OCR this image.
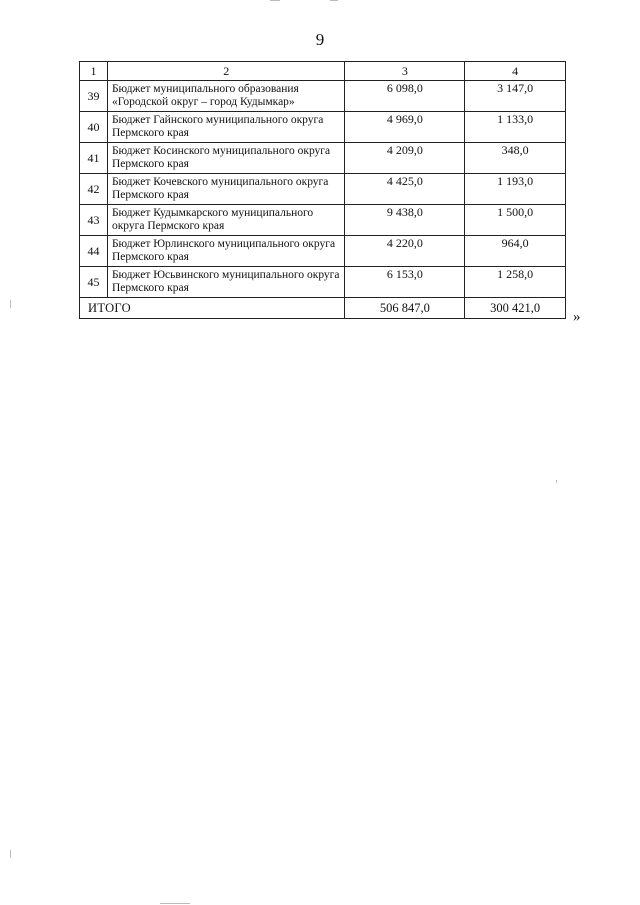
9
1	2	3	4
39	Бюджет муниципального образования «Городской округ – город Кудымкар»	6 098,0	3 147,0
40	Бюджет Гайнского муниципального округа Пермского края	4 969,0	1 133,0
41	Бюджет Косинского муниципального округа Пермского края	4 209,0	348,0
42	Бюджет Кочевского муниципального округа Пермского края	4 425,0	1 193,0
43	Бюджет Кудымкарского муниципального округа Пермского края	9 438,0	1 500,0
44	Бюджет Юрлинского муниципального округа Пермского края	4 220,0	964,0
45	Бюджет Юсьвинского муниципального округа Пермского края	6 153,0	1 258,0
ИТОГО		506 847,0	300 421,0
»
